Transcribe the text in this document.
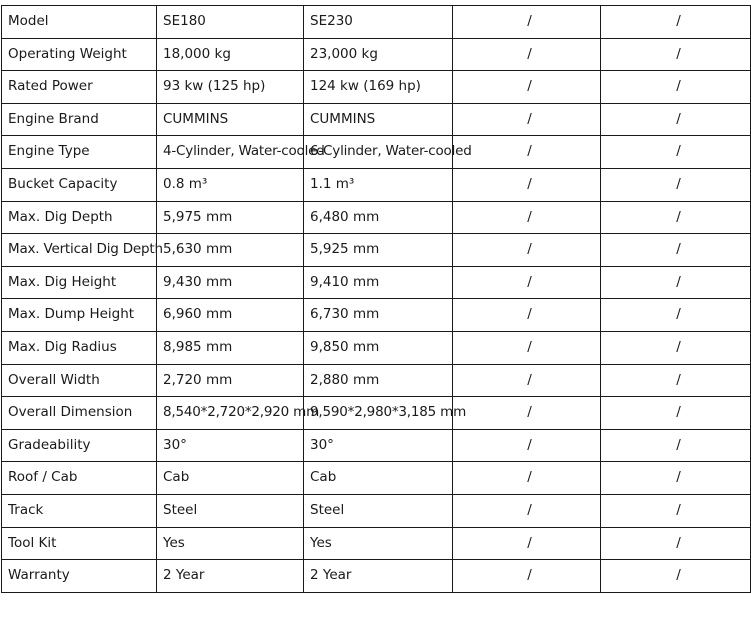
Model	SE180	SE230	/	/
Operating Weight	18,000 kg	23,000 kg	/	/
Rated Power	93 kw (125 hp)	124 kw (169 hp)	/	/
Engine Brand	CUMMINS	CUMMINS	/	/
Engine Type	4-Cylinder, Water-cooled	6-Cylinder, Water-cooled	/	/
Bucket Capacity	0.8 m³	1.1 m³	/	/
Max. Dig Depth	5,975 mm	6,480 mm	/	/
Max. Vertical Dig Depth	5,630 mm	5,925 mm	/	/
Max. Dig Height	9,430 mm	9,410 mm	/	/
Max. Dump Height	6,960 mm	6,730 mm	/	/
Max. Dig Radius	8,985 mm	9,850 mm	/	/
Overall Width	2,720 mm	2,880 mm	/	/
Overall Dimension	8,540*2,720*2,920 mm	9,590*2,980*3,185 mm	/	/
Gradeability	30°	30°	/	/
Roof / Cab	Cab	Cab	/	/
Track	Steel	Steel	/	/
Tool Kit	Yes	Yes	/	/
Warranty	2 Year	2 Year	/	/
